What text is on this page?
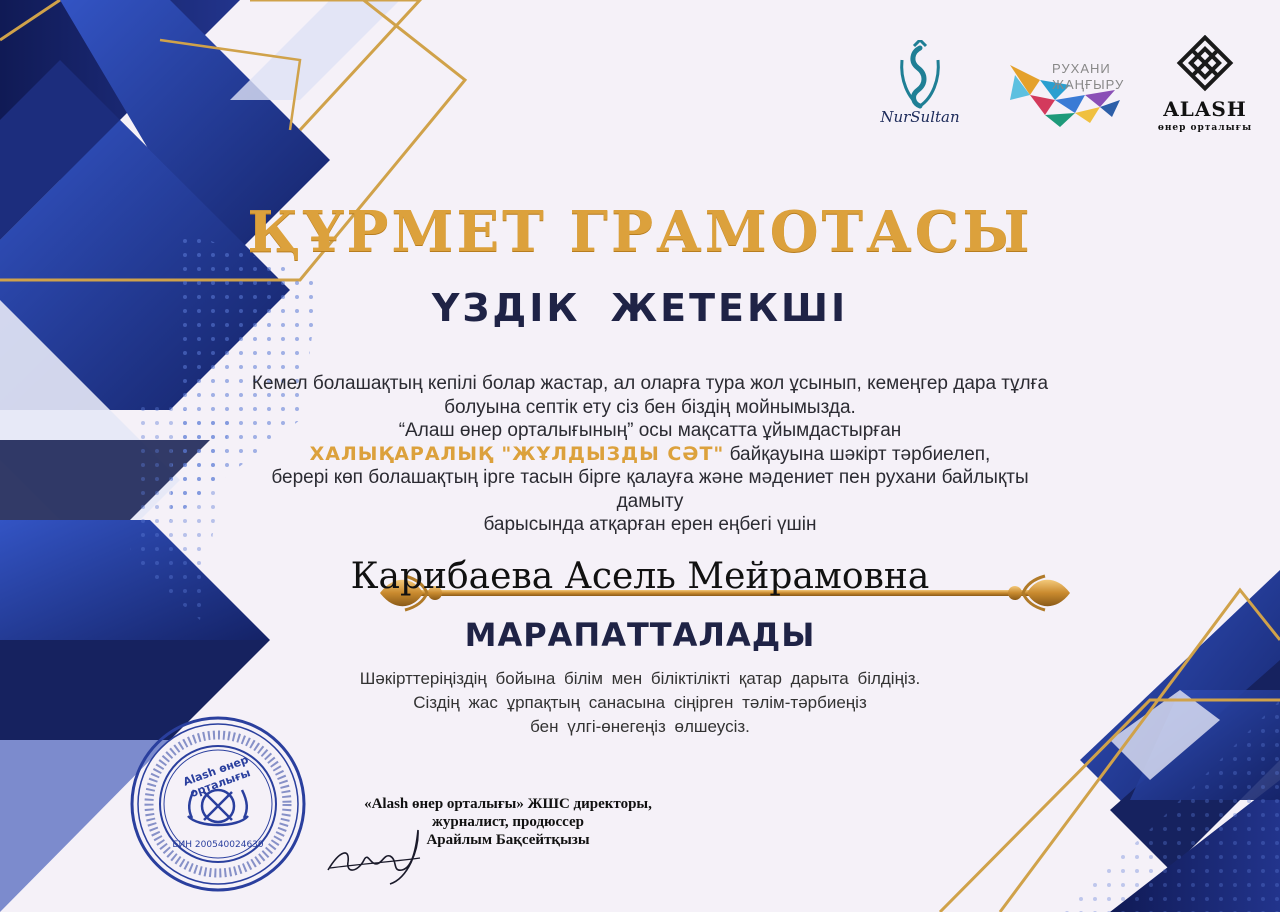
NurSultan
РУХАНИ
ЖАҢҒЫРУ
ALASH
өнер орталығы
ҚҰРМЕТ ГРАМОТАСЫ
ҮЗДІК ЖЕТЕКШІ
Кемел болашақтың кепілі болар жастар, ал оларға тура жол ұсынып, кемеңгер дара тұлға
болуына септік ету сіз бен біздің мойнымызда.
“Алаш өнер орталығының” осы мақсатта ұйымдастырған
ХАЛЫҚАРАЛЫҚ "ЖҰЛДЫЗДЫ СӘТ" байқауына шәкірт тәрбиелеп,
берері көп болашақтың ірге тасын бірге қалауға және мәдениет пен рухани байлықты дамыту
барысында атқарған ерен еңбегі үшін
Карибаева Асель Мейрамовна
МАРАПАТТАЛАДЫ
Шәкірттеріңіздің бойына білім мен біліктілікті қатар дарыта білдіңіз.
Сіздің жас ұрпақтың санасына сіңірген тәлім-тәрбиеңіз
бен үлгі-өнегеңіз өлшеусіз.
Alash өнер орталығы
БИН 200540024630
«Alash өнер орталығы» ЖШС директоры,
журналист, продюссер
Арайлым Бақсейтқызы
